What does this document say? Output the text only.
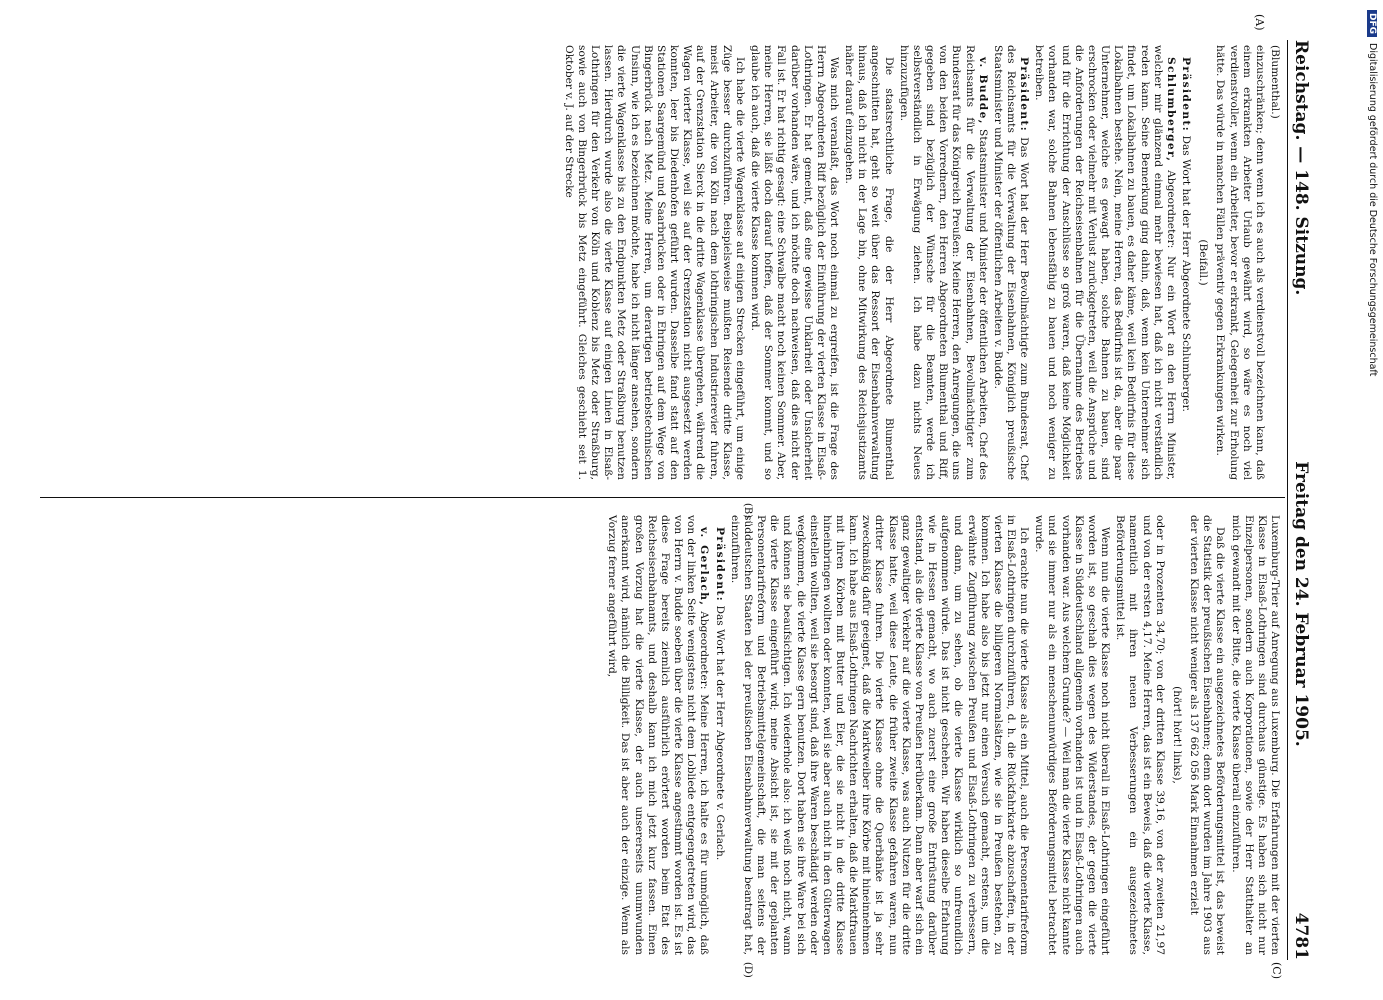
Reichstag. — 148. Sitzung.
Freitag den 24. Februar 1905.
4781
(A)
(B)
(C)
(D)

(Blumenthal.)

einzuschränken; denn wenn ich es auch als verdienstvoll bezeichnen kann, daß einem erkrankten Arbeiter Urlaub gewährt wird, so wäre es noch viel verdienstvoller, wenn ein Arbeiter, bevor er erkrankt, Gelegenheit zur Erholung hätte. Das würde in manchen Fällen präventiv gegen Erkrankungen wirken.

(Beifall.)

Präsident: Das Wort hat der Herr Abgeordnete Schlumberger.

Schlumberger, Abgeordneter: Nur ein Wort an den Herrn Minister, welcher mir glänzend einmal mehr bewiesen hat, daß ich nicht verständlich reden kann. Seine Bemerkung ging dahin, daß, wenn kein Unternehmer sich findet, um Lokalbahnen zu bauen, es daher käme, weil kein Bedürfnis für diese Lokalbahnen bestehe. Nein, meine Herren, das Bedürfnis ist da, aber die paar Unternehmer, welche es gewagt haben, solche Bahnen zu bauen, sind erschrocken oder vielmehr mit Verlust zurückgetreten, weil die Ansprüche und die Anforderungen der Reichseisenbahnen für die Übernahme des Betriebes und für die Errichtung der Anschlüsse so groß waren, daß keine Möglichkeit vorhanden war, solche Bahnen lebensfähig zu bauen und noch weniger zu betreiben.

Präsident: Das Wort hat der Herr Bevollmächtigte zum Bundesrat, Chef des Reichsamts für die Verwaltung der Eisenbahnen, Königlich preußische Staatsminister und Minister der öffentlichen Arbeiten v. Budde.

v. Budde, Staatsminister und Minister der öffentlichen Arbeiten, Chef des Reichsamts für die Verwaltung der Eisenbahnen, Bevollmächtigter zum Bundesrat für das Königreich Preußen: Meine Herren, den Anregungen, die uns von den beiden Vorrednern, den Herren Abgeordneten Blumenthal und Riff, gegeben sind bezüglich der Wünsche für die Beamten, werde ich selbstverständlich in Erwägung ziehen. Ich habe dazu nichts Neues hinzuzufügen.

Die staatsrechtliche Frage, die der Herr Abgeordnete Blumenthal angeschnitten hat, geht so weit über das Ressort der Eisenbahnverwaltung hinaus, daß ich nicht in der Lage bin, ohne Mitwirkung des Reichsjustizamts näher darauf einzugehen.

Was mich veranlaßt, das Wort noch einmal zu ergreifen, ist die Frage des Herrn Abgeordneten Riff bezüglich der Einführung der vierten Klasse in Elsaß-Lothringen. Er hat gemeint, daß eine gewisse Unklarheit oder Unsicherheit darüber vorhanden wäre, und ich möchte doch nachweisen, daß dies nicht der Fall ist. Er hat richtig gesagt: eine Schwalbe macht noch keinen Sommer. Aber, meine Herren, sie läßt doch darauf hoffen, daß der Sommer kommt, und so glaube ich auch, daß die vierte Klasse kommen wird.

Ich habe die vierte Wagenklasse auf einigen Strecken eingeführt, um einige Züge besser durchzuführen. Beispielsweise mußten Reisende dritte Klasse, meist Arbeiter, die von Köln nach dem lothringischen Industrierevier fuhren, auf der Grenzstation Sierck in die dritte Wagenklasse übergehen, während die Wagen vierter Klasse, weil sie auf der Grenzstation nicht ausgesetzt werden konnten, leer bis Diedenhofen geführt wurden. Dasselbe fand statt auf den Stationen Saargemünd und Saarbrücken oder in Ehringen auf dem Wege von Bingerbrück nach Metz. Meine Herren, um derartigen betriebstechnischen Unsinn, wie ich es bezeichnen möchte, habe ich nicht länger ansehen, sondern die vierte Wagenklasse bis zu den Endpunkten Metz oder Straßburg benutzen lassen. Hierdurch wurde also die vierte Klasse auf einigen Linien in Elsaß-Lothringen für den Verkehr von Köln und Koblenz bis Metz oder Straßburg, sowie auch von Bingerbrück bis Metz eingeführt. Gleiches geschieht seit 1. Oktober v. J. auf der Strecke

Luxemburg-Trier auf Anregung aus Luxemburg. Die Erfahrungen mit der vierten Klasse in Elsaß-Lothringen sind durchaus günstige. Es haben sich nicht nur Einzelpersonen, sondern auch Korporationen, sowie der Herr Statthalter an mich gewandt mit der Bitte, die vierte Klasse überall einzuführen.

Daß die vierte Klasse ein ausgezeichnetes Beförderungsmittel ist, das beweist die Statistik der preußischen Eisenbahnen; denn dort wurden im Jahre 1903 aus der vierten Klasse nicht weniger als 137 662 056 Mark Einnahmen erzielt

(hört! hört! links),

oder in Prozenten 34,70; von der dritten Klasse 39,16, von der zweiten 21,97 und von der ersten 4,17. Meine Herren, das ist ein Beweis, daß die vierte Klasse, namentlich mit ihren neuen Verbesserungen ein ausgezeichnetes Beförderungsmittel ist.

Wenn nun die vierte Klasse noch nicht überall in Elsaß-Lothringen eingeführt worden ist, so geschah dies wegen des Widerstandes, der gegen die vierte Klasse in Süddeutschland allgemein vorhanden ist und in Elsaß-Lothringen auch vorhanden war. Aus welchem Grunde? — Weil man die vierte Klasse nicht kannte und sie immer nur als ein menschenunwürdiges Beförderungsmittel betrachtet wurde.

Ich erachte nun die vierte Klasse als ein Mittel, auch die Personentarifreform in Elsaß-Lothringen durchzuführen, d. h. die Rückfahrkarte abzuschaffen, in der vierten Klasse die billigeren Normalsätzen, wie sie in Preußen bestehen, zu kommen. Ich habe also bis jetzt nur einen Versuch gemacht, erstens, um die erwähnte Zugführung zwischen Preußen und Elsaß-Lothringen zu verbessern, und dann, um zu sehen, ob die vierte Klasse wirklich so unfreundlich aufgenommen würde. Das ist nicht geschehen. Wir haben dieselbe Erfahrung wie in Hessen gemacht, wo auch zuerst eine große Entrüstung darüber entstand, als die vierte Klasse von Preußen herüberkam. Dann aber warf sich ein ganz gewaltiger Verkehr auf die vierte Klasse, was auch Nutzen für die dritte Klasse hatte, weil diese Leute, die früher zweite Klasse gefahren waren, nun dritter Klasse fuhren. Die vierte Klasse ohne die Querbänke ist ja sehr zweckmäßig dafür geeignet, daß die Marktweiber ihre Körbe mit hineinnehmen kann. Ich habe aus Elsaß-Lothringen Nachrichten erhalten, daß die Marktfrauen mit ihren Körben mit Butter und Eier, die sie nicht in die dritte Klasse hineinbringen wollten oder konnten, weil sie aber auch nicht in den Güterwagen einstellen wollten, weil sie besorgt sind, daß ihre Waren beschädigt werden oder wegkommen, die vierte Klasse gern benutzen. Dort haben sie ihre Ware bei sich und können sie beaufsichtigen. Ich wiederhole also: ich weiß noch nicht, wann die vierte Klasse eingeführt wird; meine Absicht ist, sie mit der geplanten Personentarifreform und Betriebsmittelgemeinschaft, die man seitens der süddeutschen Staaten bei der preußischen Eisenbahnverwaltung beantragt hat, einzuführen.

Präsident: Das Wort hat der Herr Abgeordnete v. Gerlach.

v. Gerlach, Abgeordneter: Meine Herren, ich halte es für unmöglich, daß von der linken Seite wenigstens nicht dem Lobliede entgegengetreten wird, das von Herrn v. Budde soeben über die vierte Klasse angestimmt worden ist. Es ist diese Frage bereits ziemlich ausführlich erörtert worden beim Etat des Reichseisenbahnamts, und deshalb kann ich mich jetzt kurz fassen. Einen großen Vorzug hat die vierte Klasse, der auch unsererseits unumwunden anerkannt wird, nämlich die Billigkeit. Das ist aber auch der einzige. Wenn als Vorzug ferner angeführt wird,

DFGDigitalisierung gefördert durch die Deutsche Forschungsgemeinschaft
